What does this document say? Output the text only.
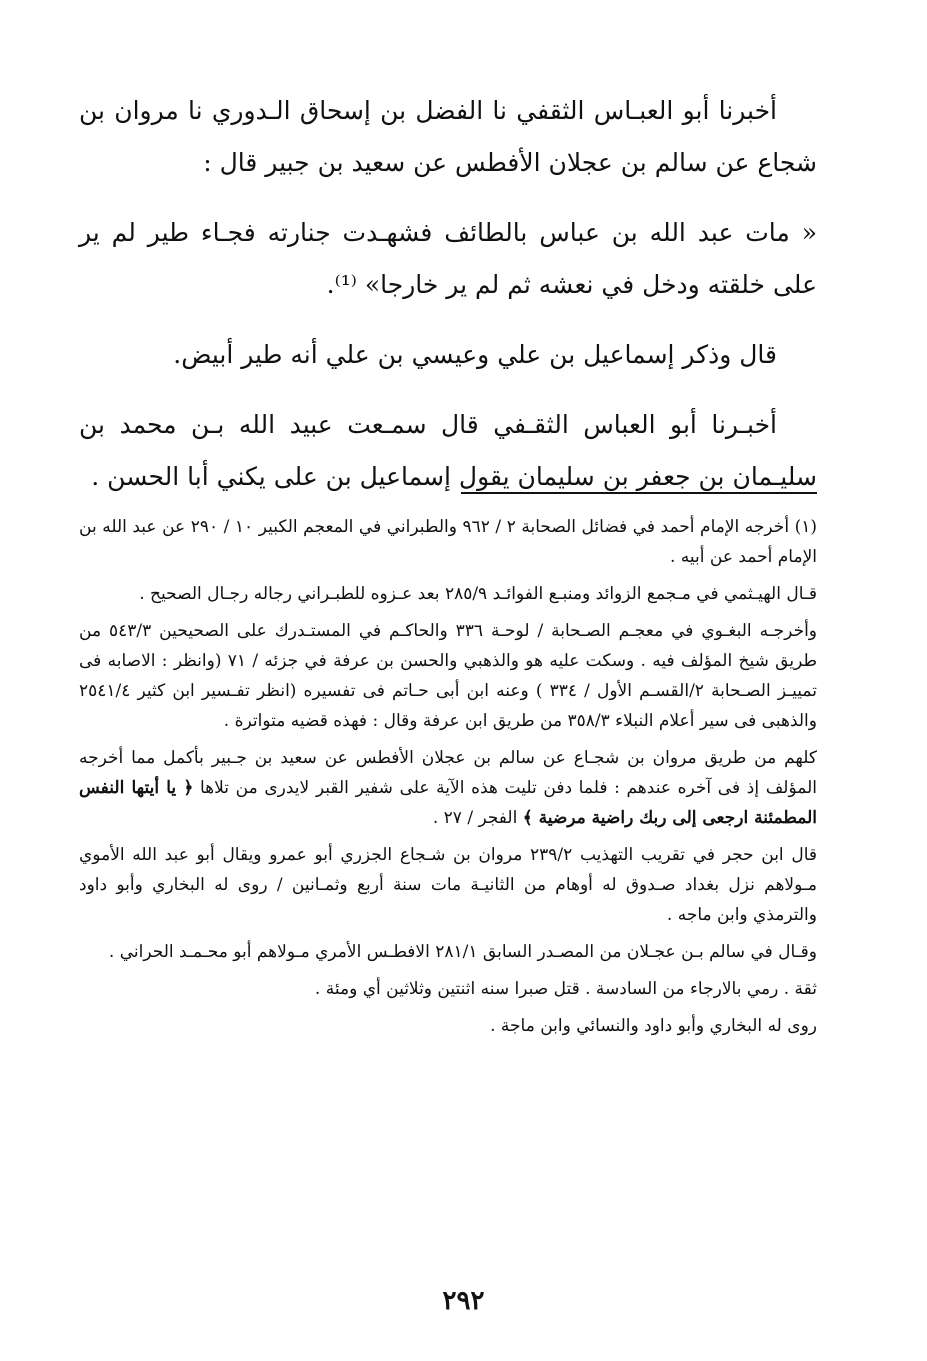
أخبرنا أبو العبـاس الثقفي نا الفضل بن إسحاق الـدوري نا مروان بن شجاع عن سالم بن عجلان الأفطس عن سعيد بن جبير قال :

« مات عبد الله بن عباس بالطائف فشهـدت جنارته فجـاء طير لم ير على خلقته ودخل في نعشه ثم لم ير خارجا» ⁽¹⁾.

قال وذكر إسماعيل بن علي وعيسي بن علي أنه طير أبيض.

أخبـرنا أبو العباس الثقـفي قال سمـعت عبيد الله بـن محمد بن سليـمان بن جعفر بن سليمان يقول إسماعيل بن على يكني أبا الحسن .

(١) أخرجه الإمام أحمد في فضائل الصحابة ٢ / ٩٦٢ والطبراني في المعجم الكبير ١٠ / ٢٩٠ عن عبد الله بن الإمام أحمد عن أبيه .

قـال الهيـثمي في مـجمع الزوائد ومنبـع الفوائـد ٢٨٥/٩ بعد عـزوه للطبـراني رجاله رجـال الصحيح .

وأخرجـه البغـوي في معجـم الصـحابة / لوحـة ٣٣٦ والحاكـم في المستـدرك على الصحيحين ٥٤٣/٣ من طريق شيخ المؤلف فيه . وسكت عليه هو والذهبي والحسن بن عرفة في جزئه / ٧١ (وانظر : الاصابه فى تمييـز الصـحابة ٢/القسـم الأول / ٣٣٤ ) وعنه ابن أبى حـاتم فى تفسيره (انظر تفـسير ابن كثير ٢٥٤١/٤ والذهبى فى سير أعلام النبلاء ٣٥٨/٣ من طريق ابن عرفة وقال : فهذه قضيه متواترة .

كلهم من طريق مروان بن شجـاع عن سالم بن عجلان الأفطس عن سعيد بن جـبير بأكمل مما أخرجه المؤلف إذ فى آخره عندهم : فلما دفن تليت هذه الآية على شفير القبر لايدرى من تلاها ﴿ يا أيتها النفس المطمئنة ارجعى إلى ربك راضية مرضية ﴾ الفجر / ٢٧ .

قال ابن حجر في تقريب التهذيب ٢٣٩/٢ مروان بن شـجاع الجزري أبو عمرو ويقال أبو عبد الله الأموي مـولاهم نزل بغداد صـدوق له أوهام من الثانيـة مات سنة أربع وثمـانين / روى له البخاري وأبو داود والترمذي وابن ماجه .

وقـال في سالم بـن عجـلان من المصـدر السابق ٢٨١/١ الافطـس الأمري مـولاهم أبو محـمـد الحراني .

ثقة . رمي بالارجاء من السادسة . قتل صبرا سنه اثنتين وثلاثين أي ومئة .

روى له البخاري وأبو داود والنسائي وابن ماجة .

٢٩٢
